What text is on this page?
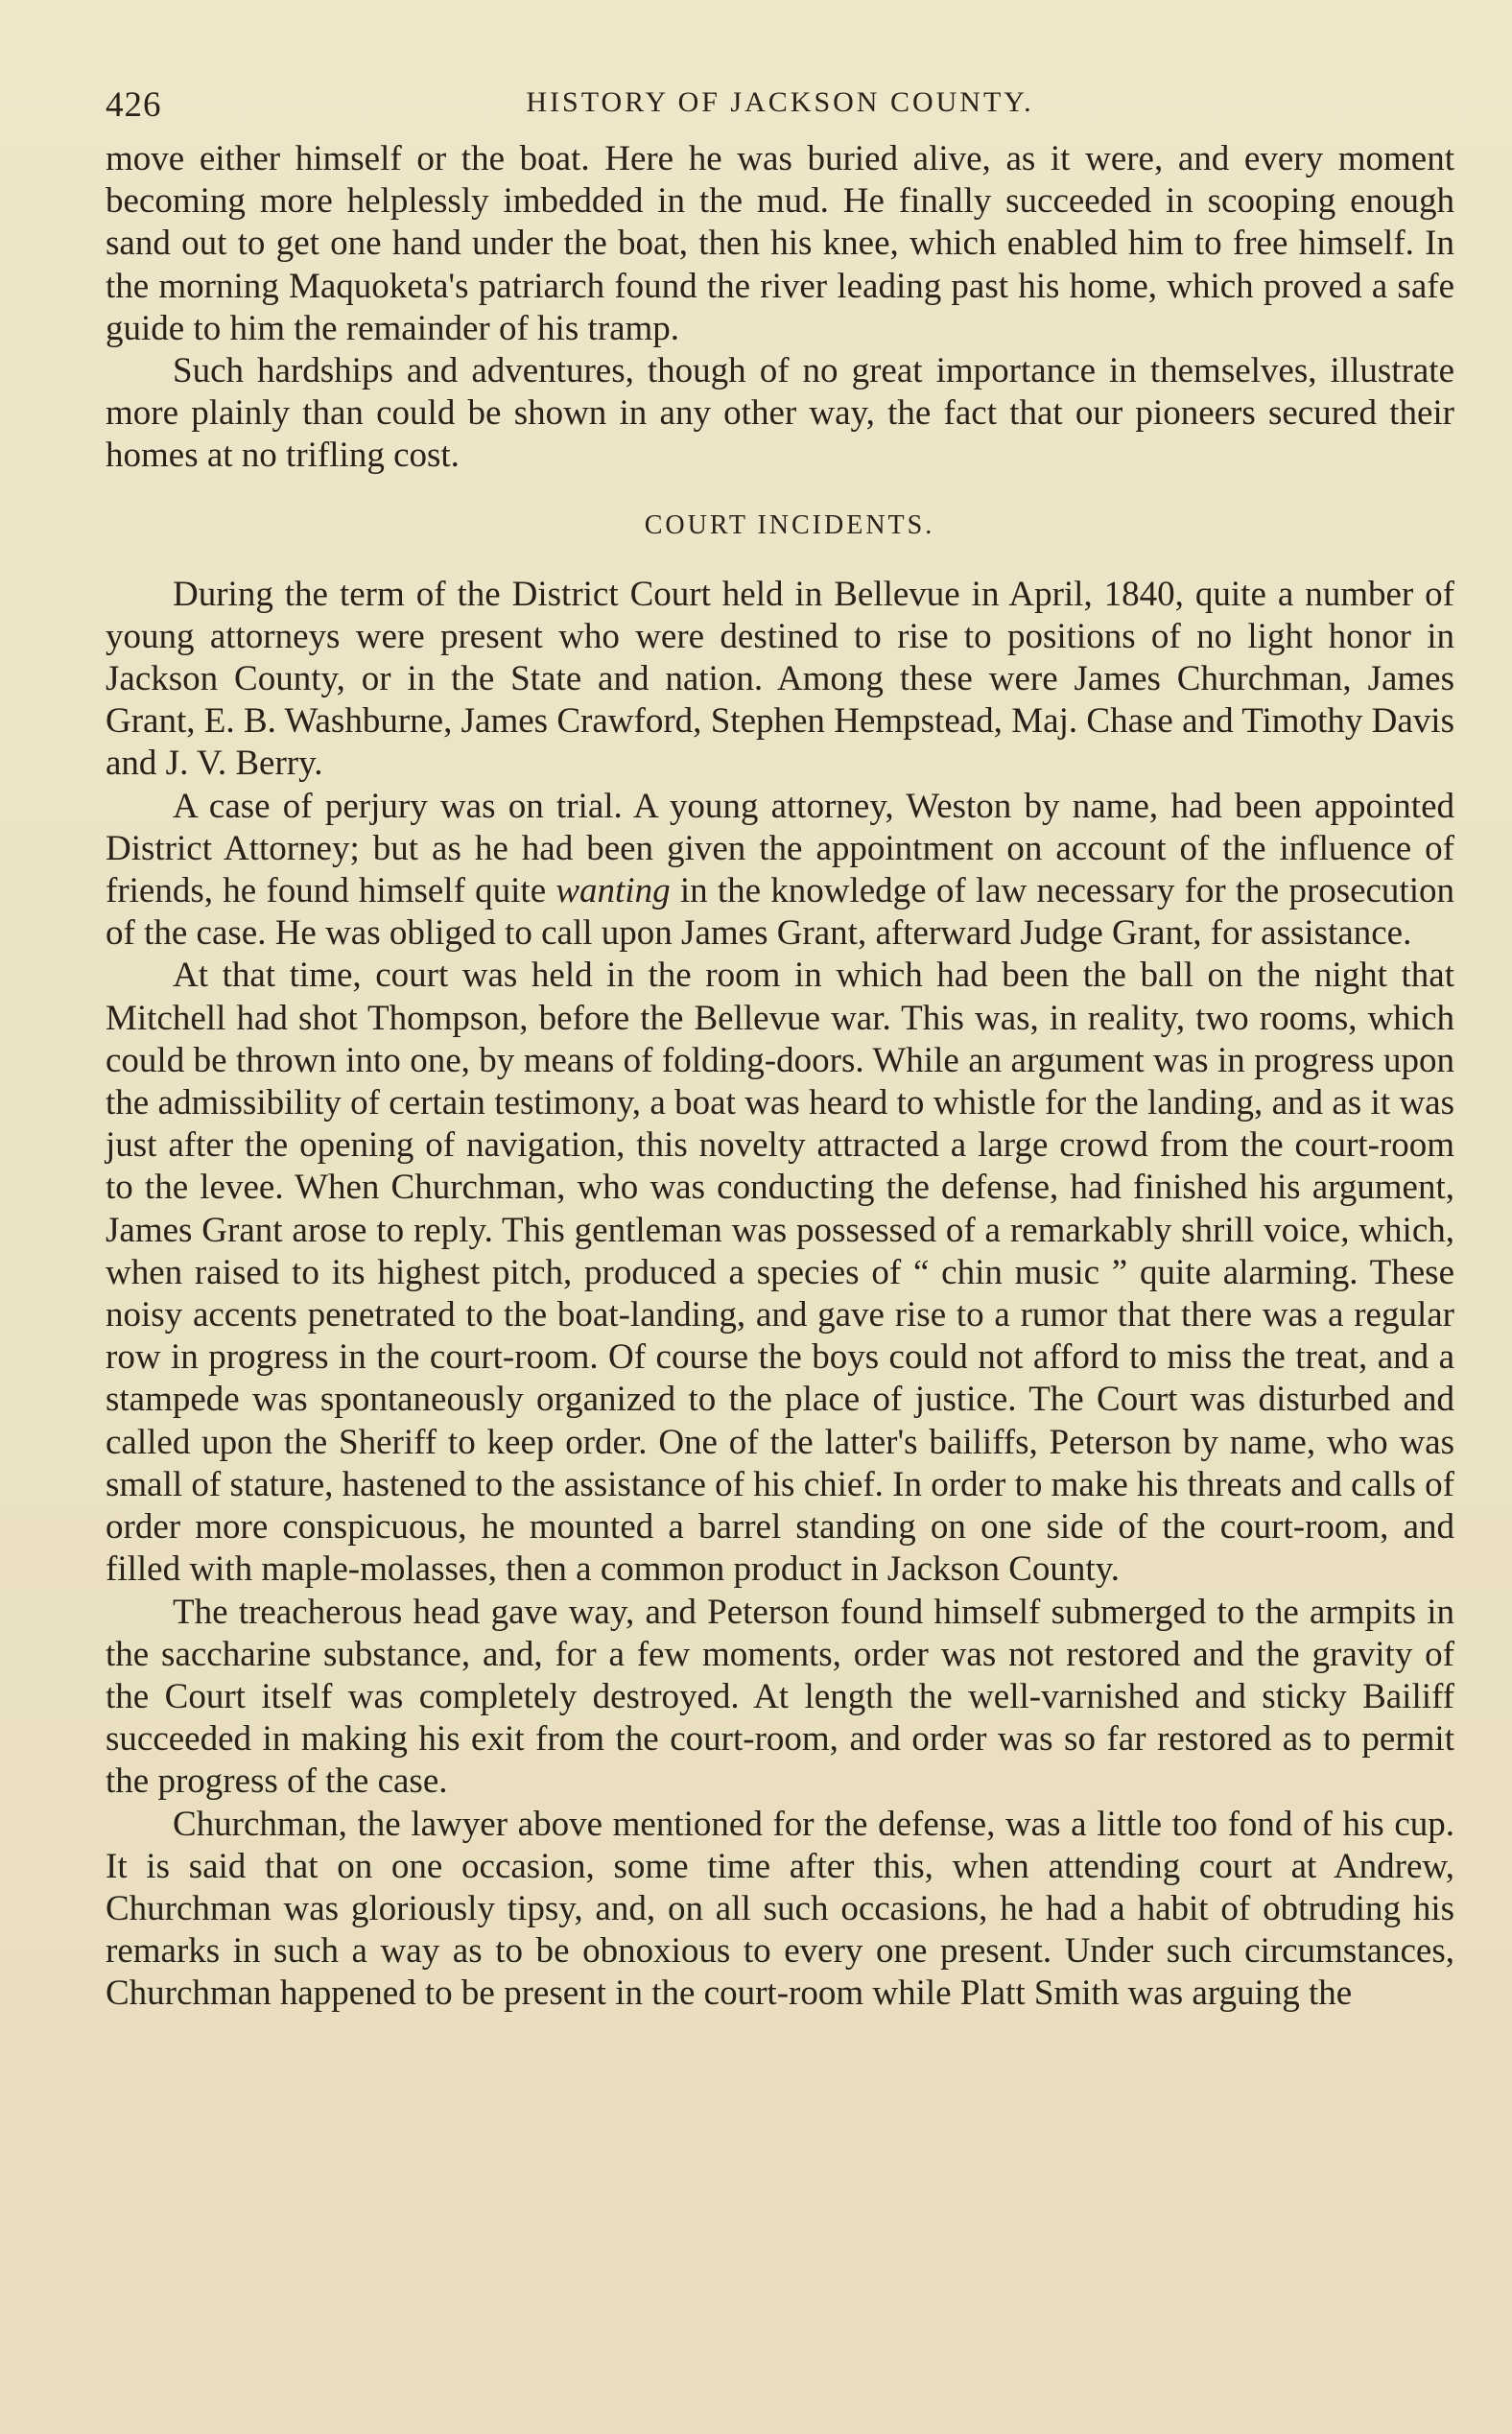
426	HISTORY OF JACKSON COUNTY.

move either himself or the boat. Here he was buried alive, as it were, and every moment becoming more helplessly imbedded in the mud. He finally succeeded in scooping enough sand out to get one hand under the boat, then his knee, which enabled him to free himself. In the morning Maquoketa's patriarch found the river leading past his home, which proved a safe guide to him the remainder of his tramp.

Such hardships and adventures, though of no great importance in themselves, illustrate more plainly than could be shown in any other way, the fact that our pioneers secured their homes at no trifling cost.

COURT INCIDENTS.

During the term of the District Court held in Bellevue in April, 1840, quite a number of young attorneys were present who were destined to rise to positions of no light honor in Jackson County, or in the State and nation. Among these were James Churchman, James Grant, E. B. Washburne, James Crawford, Stephen Hempstead, Maj. Chase and Timothy Davis and J. V. Berry.

A case of perjury was on trial. A young attorney, Weston by name, had been appointed District Attorney; but as he had been given the appointment on account of the influence of friends, he found himself quite wanting in the knowledge of law necessary for the prosecution of the case. He was obliged to call upon James Grant, afterward Judge Grant, for assistance.

At that time, court was held in the room in which had been the ball on the night that Mitchell had shot Thompson, before the Bellevue war. This was, in reality, two rooms, which could be thrown into one, by means of folding-doors. While an argument was in progress upon the admissibility of certain testimony, a boat was heard to whistle for the landing, and as it was just after the opening of navigation, this novelty attracted a large crowd from the court-room to the levee. When Churchman, who was conducting the defense, had finished his argument, James Grant arose to reply. This gentleman was possessed of a remarkably shrill voice, which, when raised to its highest pitch, produced a species of “ chin music ” quite alarming. These noisy accents penetrated to the boat-landing, and gave rise to a rumor that there was a regular row in progress in the court-room. Of course the boys could not afford to miss the treat, and a stampede was spontaneously organized to the place of justice. The Court was disturbed and called upon the Sheriff to keep order. One of the latter's bailiffs, Peterson by name, who was small of stature, hastened to the assistance of his chief. In order to make his threats and calls of order more conspicuous, he mounted a barrel standing on one side of the court-room, and filled with maple-molasses, then a common product in Jackson County.

The treacherous head gave way, and Peterson found himself submerged to the armpits in the saccharine substance, and, for a few moments, order was not restored and the gravity of the Court itself was completely destroyed. At length the well-varnished and sticky Bailiff succeeded in making his exit from the court-room, and order was so far restored as to permit the progress of the case.

Churchman, the lawyer above mentioned for the defense, was a little too fond of his cup. It is said that on one occasion, some time after this, when attending court at Andrew, Churchman was gloriously tipsy, and, on all such occasions, he had a habit of obtruding his remarks in such a way as to be obnoxious to every one present. Under such circumstances, Churchman happened to be present in the court-room while Platt Smith was arguing the
